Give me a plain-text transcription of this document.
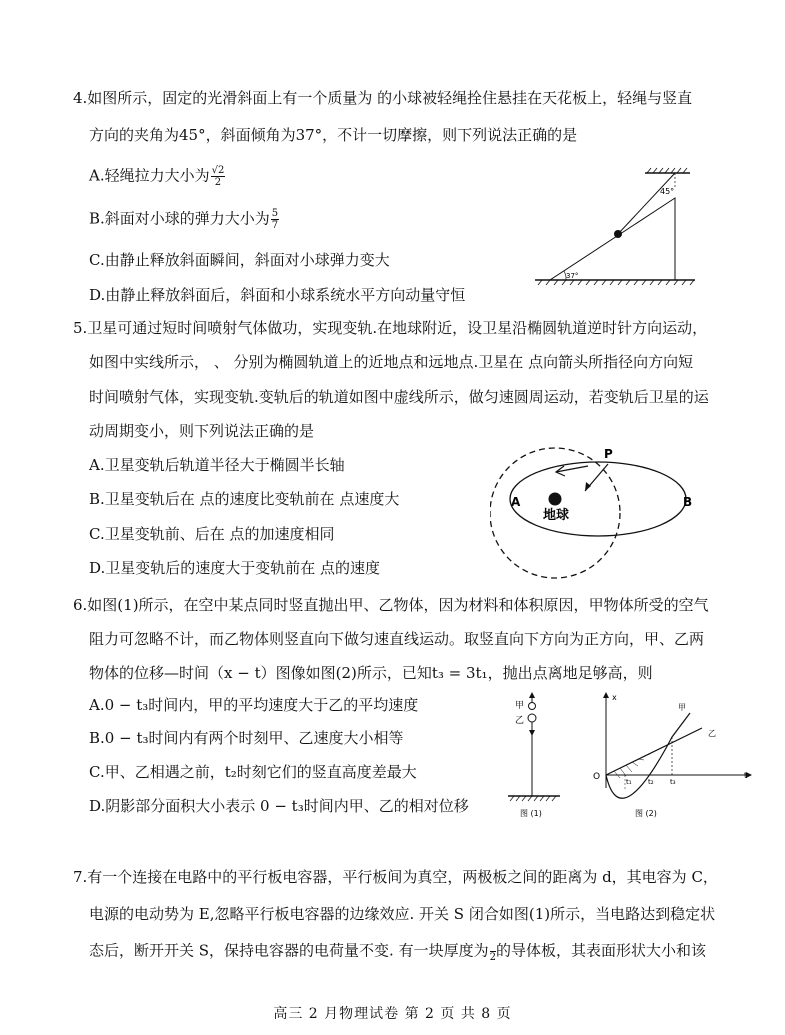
4.如图所示，固定的光滑斜面上有一个质量为 的小球被轻绳拴住悬挂在天花板上，轻绳与竖直
方向的夹角为45°，斜面倾角为37°，不计一切摩擦，则下列说法正确的是
A.轻绳拉力大小为 $\frac{√2}{2}$
B.斜面对小球的弹力大小为 $\frac{5}{7}$
C.由静止释放斜面瞬间，斜面对小球弹力变大
D.由静止释放斜面后，斜面和小球系统水平方向动量守恒
45°
37°
5.卫星可通过短时间喷射气体做功，实现变轨.在地球附近，设卫星沿椭圆轨道逆时针方向运动，
如图中实线所示， 、 分别为椭圆轨道上的近地点和远地点.卫星在 点向箭头所指径向方向短
时间喷射气体，实现变轨.变轨后的轨道如图中虚线所示，做匀速圆周运动，若变轨后卫星的运
动周期变小，则下列说法正确的是
A.卫星变轨后轨道半径大于椭圆半长轴
B.卫星变轨后在 点的速度比变轨前在 点速度大
C.卫星变轨前、后在 点的加速度相同
D.卫星变轨后的速度大于变轨前在 点的速度
地球
P
A	B
6.如图(1)所示，在空中某点同时竖直抛出甲、乙物体，因为材料和体积原因，甲物体所受的空气
阻力可忽略不计，而乙物体则竖直向下做匀速直线运动。取竖直向下方向为正方向，甲、乙两
物体的位移—时间（x − t）图像如图(2)所示，已知t₃ = 3t₁，抛出点离地足够高，则
A.0 − t₃时间内，甲的平均速度大于乙的平均速度
B.0 − t₃时间内有两个时刻甲、乙速度大小相等
C.甲、乙相遇之前，t₂时刻它们的竖直高度差最大
D.阴影部分面积大小表示 0 − t₃时间内甲、乙的相对位移
甲
乙
图 (1)
x
t
O	t₁ t₂ t₃
甲
乙
图 (2)
7.有一个连接在电路中的平行板电容器，平行板间为真空，两极板之间的距离为 d，其电容为 C，
电源的电动势为 E,忽略平行板电容器的边缘效应. 开关 S 闭合如图(1)所示，当电路达到稳定状
态后，断开开关 S，保持电容器的电荷量不变. 有一块厚度为 2 的导体板，其表面形状大小和该
高三 2 月物理试卷 第 2 页 共 8 页
